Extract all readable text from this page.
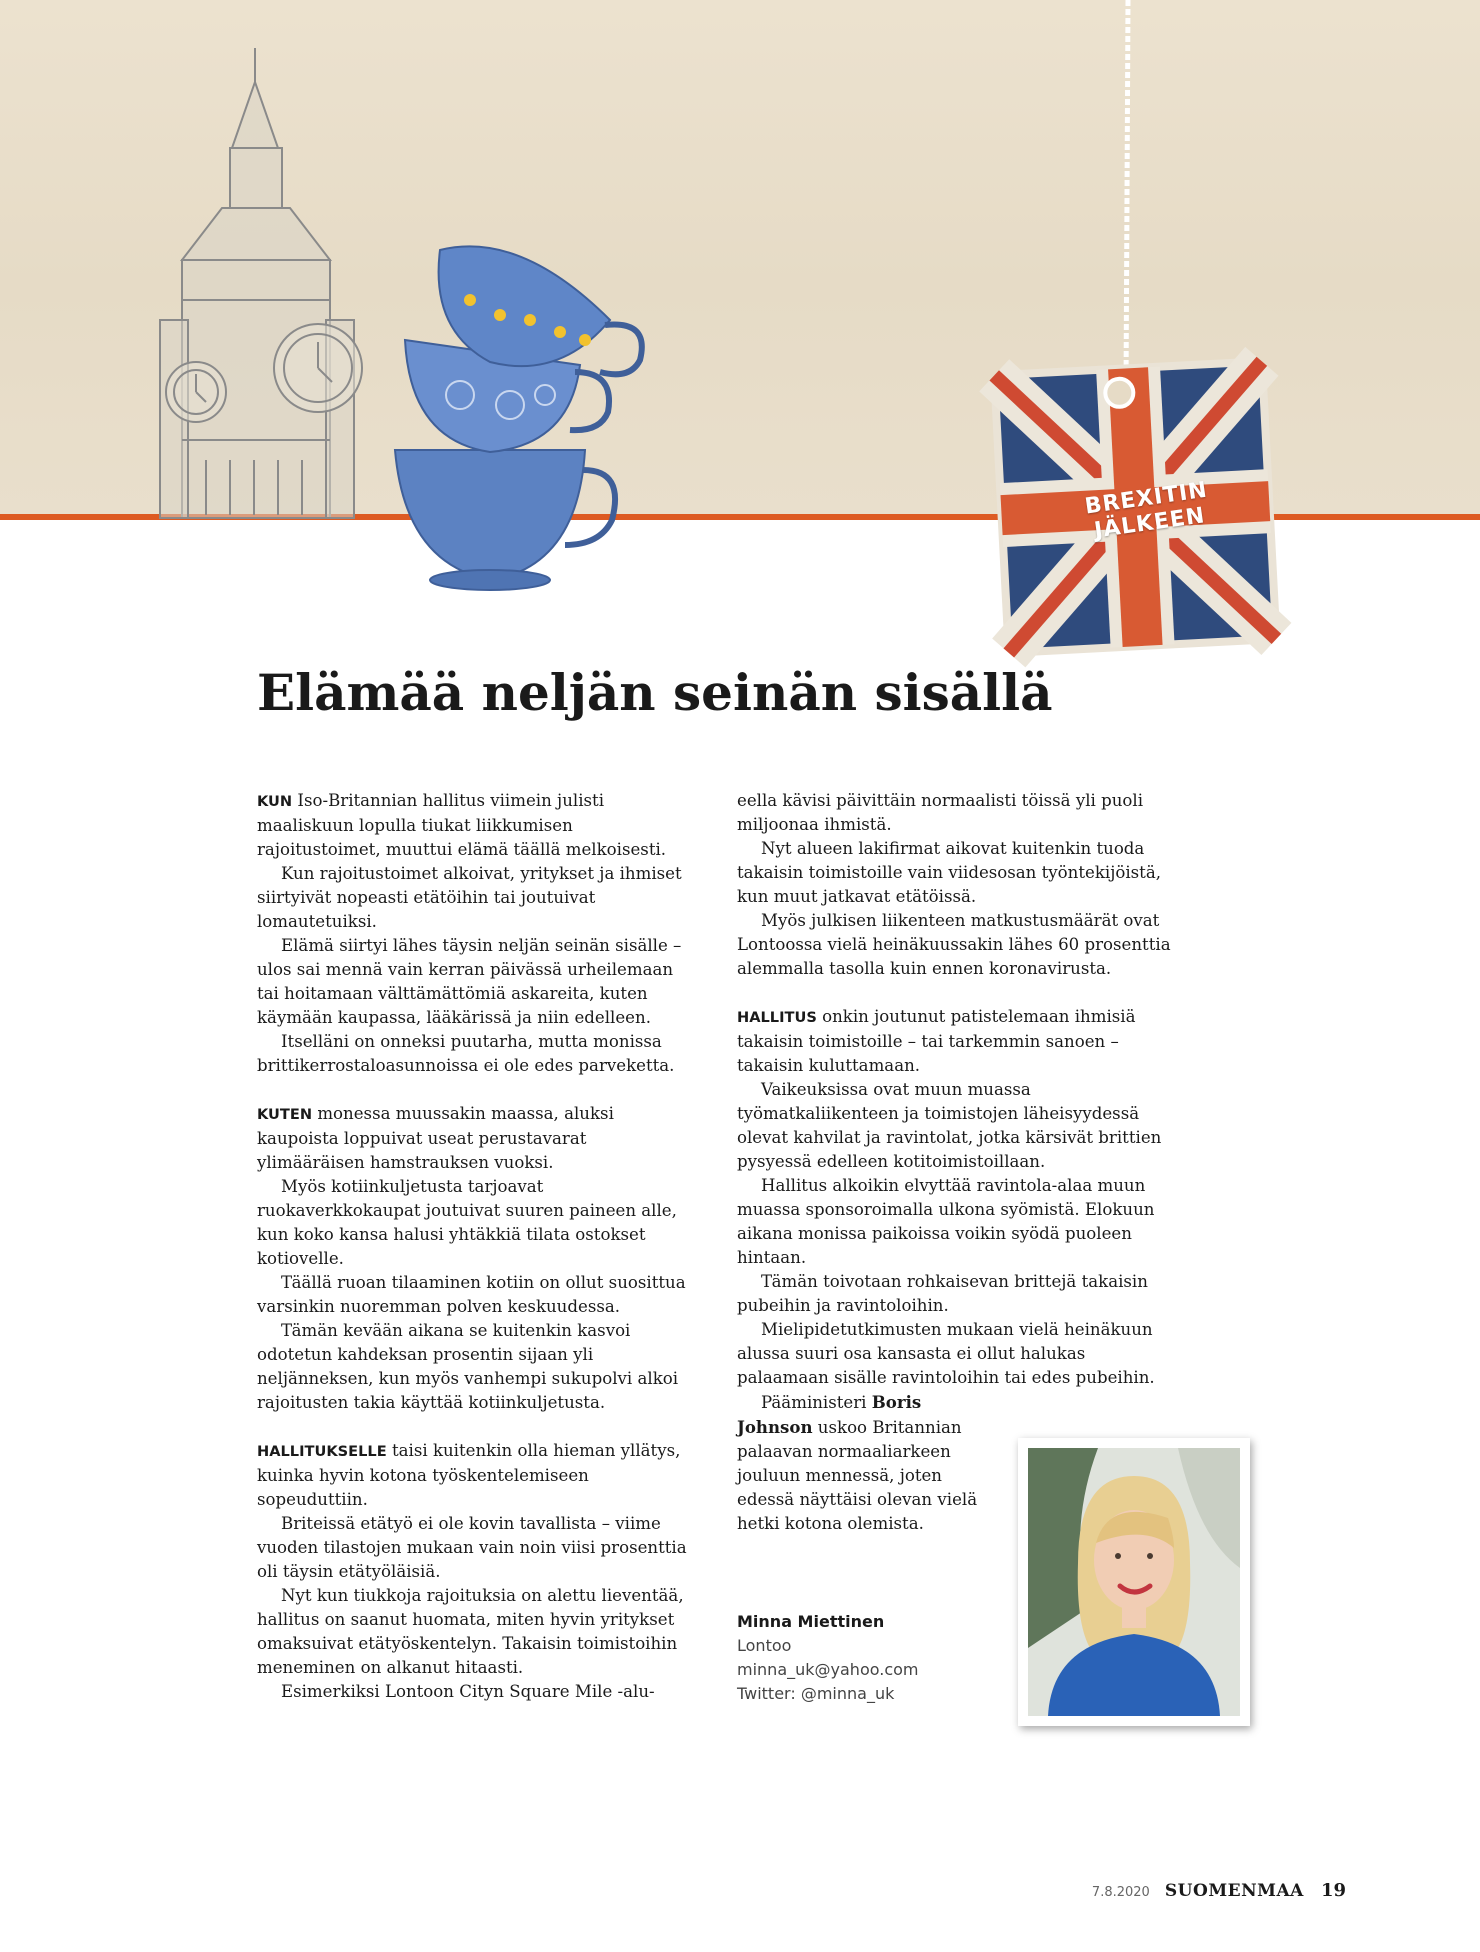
BREXITIN JÄLKEEN
Elämää neljän seinän sisällä

KUN Iso-Britannian hallitus viimein julisti maaliskuun lopulla tiukat liikkumisen rajoitustoimet, muuttui elämä täällä melkoisesti.

Kun rajoitustoimet alkoivat, yritykset ja ihmiset siirtyivät nopeasti etätöihin tai joutuivat lomautetuiksi.

Elämä siirtyi lähes täysin neljän seinän sisälle – ulos sai mennä vain kerran päivässä urheilemaan tai hoitamaan välttämättömiä askareita, kuten käymään kaupassa, lääkärissä ja niin edelleen.

Itselläni on onneksi puutarha, mutta monissa brittikerrostaloasunnoissa ei ole edes parveketta.

KUTEN monessa muussakin maassa, aluksi kaupoista loppuivat useat perustavarat ylimääräisen hamstrauksen vuoksi.

Myös kotiinkuljetusta tarjoavat ruokaverkkokaupat joutuivat suuren paineen alle, kun koko kansa halusi yhtäkkiä tilata ostokset kotiovelle.

Täällä ruoan tilaaminen kotiin on ollut suosittua varsinkin nuoremman polven keskuudessa.

Tämän kevään aikana se kuitenkin kasvoi odotetun kahdeksan prosentin sijaan yli neljänneksen, kun myös vanhempi sukupolvi alkoi rajoitusten takia käyttää kotiinkuljetusta.

HALLITUKSELLE taisi kuitenkin olla hieman yllätys, kuinka hyvin kotona työskentelemiseen sopeuduttiin.

Briteissä etätyö ei ole kovin tavallista – viime vuoden tilastojen mukaan vain noin viisi prosenttia oli täysin etätyöläisiä.

Nyt kun tiukkoja rajoituksia on alettu lieventää, hallitus on saanut huomata, miten hyvin yritykset omaksuivat etätyöskentelyn. Takaisin toimistoihin meneminen on alkanut hitaasti.

Esimerkiksi Lontoon Cityn Square Mile -alu-

eella kävisi päivittäin normaalisti töissä yli puoli miljoonaa ihmistä.

Nyt alueen lakifirmat aikovat kuitenkin tuoda takaisin toimistoille vain viidesosan työntekijöistä, kun muut jatkavat etätöissä.

Myös julkisen liikenteen matkustusmäärät ovat Lontoossa vielä heinäkuussakin lähes 60 prosenttia alemmalla tasolla kuin ennen koronavirusta.

HALLITUS onkin joutunut patistelemaan ihmisiä takaisin toimistoille – tai tarkemmin sanoen – takaisin kuluttamaan.

Vaikeuksissa ovat muun muassa työmatkaliikenteen ja toimistojen läheisyydessä olevat kahvilat ja ravintolat, jotka kärsivät brittien pysyessä edelleen kotitoimistoillaan.

Hallitus alkoikin elvyttää ravintola-alaa muun muassa sponsoroimalla ulkona syömistä. Elokuun aikana monissa paikoissa voikin syödä puoleen hintaan.

Tämän toivotaan rohkaisevan brittejä takaisin pubeihin ja ravintoloihin.

Mielipidetutkimusten mukaan vielä heinäkuun alussa suuri osa kansasta ei ollut halukas palaamaan sisälle ravintoloihin tai edes pubeihin.

Pääministeri Boris Johnson uskoo Britannian palaavan normaaliarkeen jouluun mennessä, joten edessä näyttäisi olevan vielä hetki kotona olemista.

Minna Miettinen
Lontoo
minna_uk@yahoo.com
Twitter: @minna_uk
7.8.2020 SUOMENMAA 19
